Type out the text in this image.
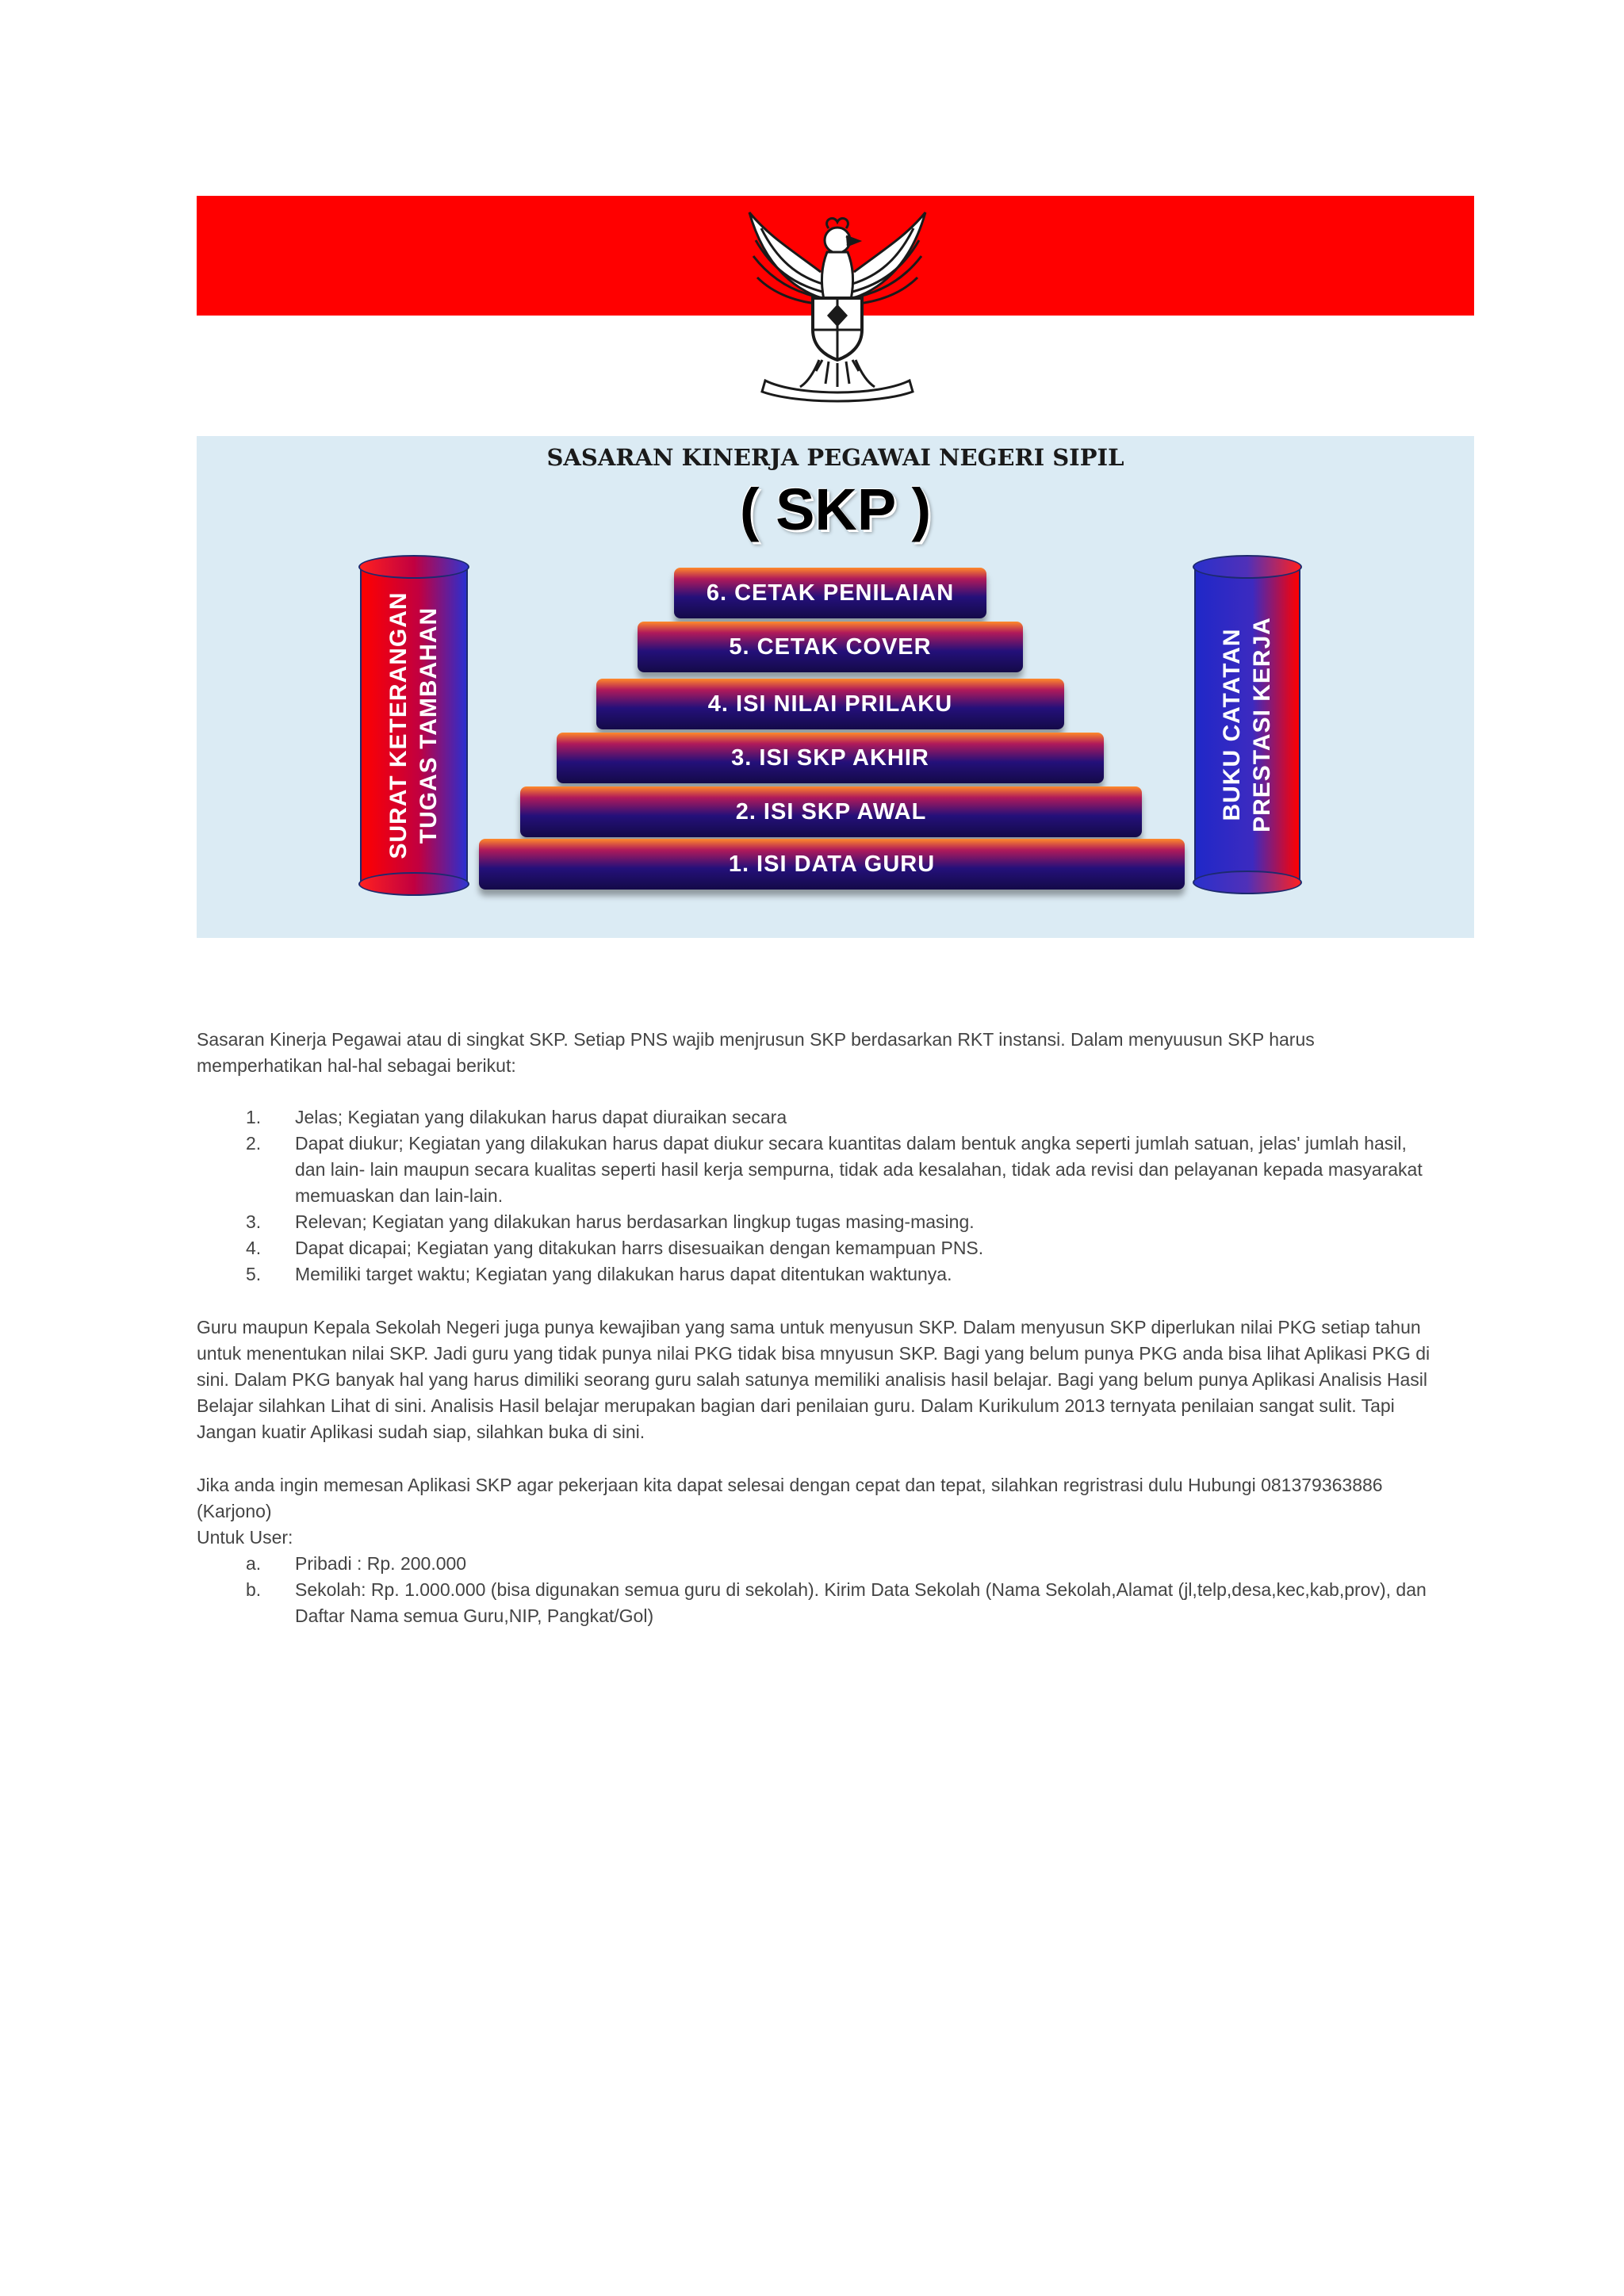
SASARAN KINERJA PEGAWAI NEGERI SIPIL
( SKP )
6. CETAK PENILAIAN
5. CETAK COVER
4. ISI NILAI PRILAKU
3. ISI SKP AKHIR
2. ISI SKP AWAL
1. ISI DATA GURU
SURAT KETERANGAN TUGAS TAMBAHAN	BUKU CATATAN PRESTASI KERJA

Sasaran Kinerja Pegawai atau di singkat SKP. Setiap PNS wajib menjrusun SKP berdasarkan RKT instansi. Dalam menyuusun SKP harus memperhatikan hal-hal sebagai berikut:

1. Jelas; Kegiatan yang dilakukan harus dapat diuraikan secara
2. Dapat diukur; Kegiatan yang dilakukan harus dapat diukur secara kuantitas dalam bentuk angka seperti jumlah satuan, jelas' jumlah hasil, dan lain- lain maupun secara kualitas seperti hasil kerja sempurna, tidak ada kesalahan, tidak ada revisi dan pelayanan kepada masyarakat memuaskan dan lain-lain.
3. Relevan; Kegiatan yang dilakukan harus berdasarkan lingkup tugas masing-masing.
4. Dapat dicapai; Kegiatan yang ditakukan harrs disesuaikan dengan kemampuan PNS.
5. Memiliki target waktu; Kegiatan yang dilakukan harus dapat ditentukan waktunya.

Guru maupun Kepala Sekolah Negeri juga punya kewajiban yang sama untuk menyusun SKP. Dalam menyusun SKP diperlukan nilai PKG setiap tahun untuk menentukan nilai SKP. Jadi guru yang tidak punya nilai PKG tidak bisa mnyusun SKP. Bagi yang belum punya PKG anda bisa lihat Aplikasi PKG di sini. Dalam PKG banyak hal yang harus dimiliki seorang guru salah satunya memiliki analisis hasil belajar. Bagi yang belum punya Aplikasi Analisis Hasil Belajar silahkan Lihat di sini. Analisis Hasil belajar merupakan bagian dari penilaian guru. Dalam Kurikulum 2013 ternyata penilaian sangat sulit. Tapi Jangan kuatir Aplikasi sudah siap, silahkan buka di sini.

Jika anda ingin memesan Aplikasi SKP agar pekerjaan kita dapat selesai dengan cepat dan tepat, silahkan regristrasi dulu Hubungi 081379363886 (Karjono)

Untuk User:

a. Pribadi : Rp. 200.000
b. Sekolah: Rp. 1.000.000 (bisa digunakan semua guru di sekolah). Kirim Data Sekolah (Nama Sekolah,Alamat (jl,telp,desa,kec,kab,prov), dan Daftar Nama semua Guru,NIP, Pangkat/Gol)
